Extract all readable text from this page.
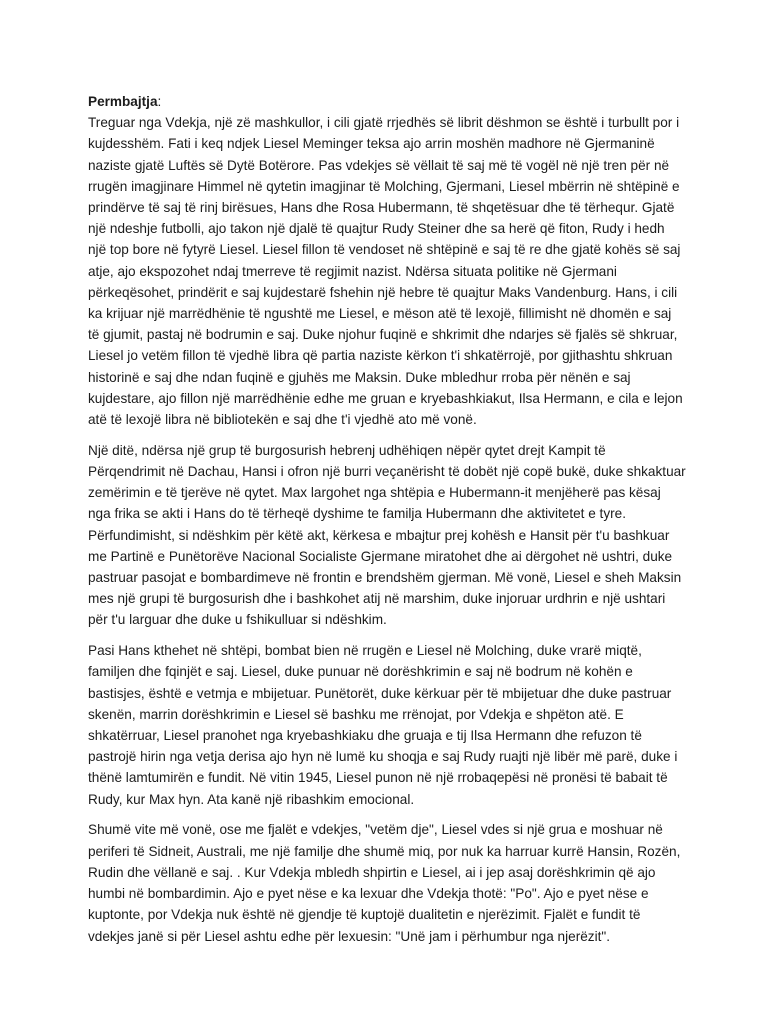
Permbajtja:

Treguar nga Vdekja, një zë mashkullor, i cili gjatë rrjedhës së librit dëshmon se është i turbullt por i kujdesshëm. Fati i keq ndjek Liesel Meminger teksa ajo arrin moshën madhore në Gjermaninë naziste gjatë Luftës së Dytë Botërore. Pas vdekjes së vëllait të saj më të vogël në një tren për në rrugën imagjinare Himmel në qytetin imagjinar të Molching, Gjermani, Liesel mbërrin në shtëpinë e prindërve të saj të rinj birësues, Hans dhe Rosa Hubermann, të shqetësuar dhe të tërhequr. Gjatë një ndeshje futbolli, ajo takon një djalë të quajtur Rudy Steiner dhe sa herë që fiton, Rudy i hedh një top bore në fytyrë Liesel. Liesel fillon të vendoset në shtëpinë e saj të re dhe gjatë kohës së saj atje, ajo ekspozohet ndaj tmerreve të regjimit nazist. Ndërsa situata politike në Gjermani përkeqësohet, prindërit e saj kujdestarë fshehin një hebre të quajtur Maks Vandenburg. Hans, i cili ka krijuar një marrëdhënie të ngushtë me Liesel, e mëson atë të lexojë, fillimisht në dhomën e saj të gjumit, pastaj në bodrumin e saj. Duke njohur fuqinë e shkrimit dhe ndarjes së fjalës së shkruar, Liesel jo vetëm fillon të vjedhë libra që partia naziste kërkon t'i shkatërrojë, por gjithashtu shkruan historinë e saj dhe ndan fuqinë e gjuhës me Maksin. Duke mbledhur rroba për nënën e saj kujdestare, ajo fillon një marrëdhënie edhe me gruan e kryebashkiakut, Ilsa Hermann, e cila e lejon atë të lexojë libra në bibliotekën e saj dhe t'i vjedhë ato më vonë.

Një ditë, ndërsa një grup të burgosurish hebrenj udhëhiqen nëpër qytet drejt Kampit të Përqendrimit në Dachau, Hansi i ofron një burri veçanërisht të dobët një copë bukë, duke shkaktuar zemërimin e të tjerëve në qytet. Max largohet nga shtëpia e Hubermann-it menjëherë pas kësaj nga frika se akti i Hans do të tërheqë dyshime te familja Hubermann dhe aktivitetet e tyre. Përfundimisht, si ndëshkim për këtë akt, kërkesa e mbajtur prej kohësh e Hansit për t'u bashkuar me Partinë e Punëtorëve Nacional Socialiste Gjermane miratohet dhe ai dërgohet në ushtri, duke pastruar pasojat e bombardimeve në frontin e brendshëm gjerman. Më vonë, Liesel e sheh Maksin mes një grupi të burgosurish dhe i bashkohet atij në marshim, duke injoruar urdhrin e një ushtari për t'u larguar dhe duke u fshikulluar si ndëshkim.

Pasi Hans kthehet në shtëpi, bombat bien në rrugën e Liesel në Molching, duke vrarë miqtë, familjen dhe fqinjët e saj. Liesel, duke punuar në dorëshkrimin e saj në bodrum në kohën e bastisjes, është e vetmja e mbijetuar. Punëtorët, duke kërkuar për të mbijetuar dhe duke pastruar skenën, marrin dorëshkrimin e Liesel së bashku me rrënojat, por Vdekja e shpëton atë. E shkatërruar, Liesel pranohet nga kryebashkiaku dhe gruaja e tij Ilsa Hermann dhe refuzon të pastrojë hirin nga vetja derisa ajo hyn në lumë ku shoqja e saj Rudy ruajti një libër më parë, duke i thënë lamtumirën e fundit. Në vitin 1945, Liesel punon në një rrobaqepësi në pronësi të babait të Rudy, kur Max hyn. Ata kanë një ribashkim emocional.

Shumë vite më vonë, ose me fjalët e vdekjes, "vetëm dje", Liesel vdes si një grua e moshuar në periferi të Sidneit, Australi, me një familje dhe shumë miq, por nuk ka harruar kurrë Hansin, Rozën, Rudin dhe vëllanë e saj. . Kur Vdekja mbledh shpirtin e Liesel, ai i jep asaj dorëshkrimin që ajo humbi në bombardimin. Ajo e pyet nëse e ka lexuar dhe Vdekja thotë: "Po". Ajo e pyet nëse e kuptonte, por Vdekja nuk është në gjendje të kuptojë dualitetin e njerëzimit. Fjalët e fundit të vdekjes janë si për Liesel ashtu edhe për lexuesin: "Unë jam i përhumbur nga njerëzit".
